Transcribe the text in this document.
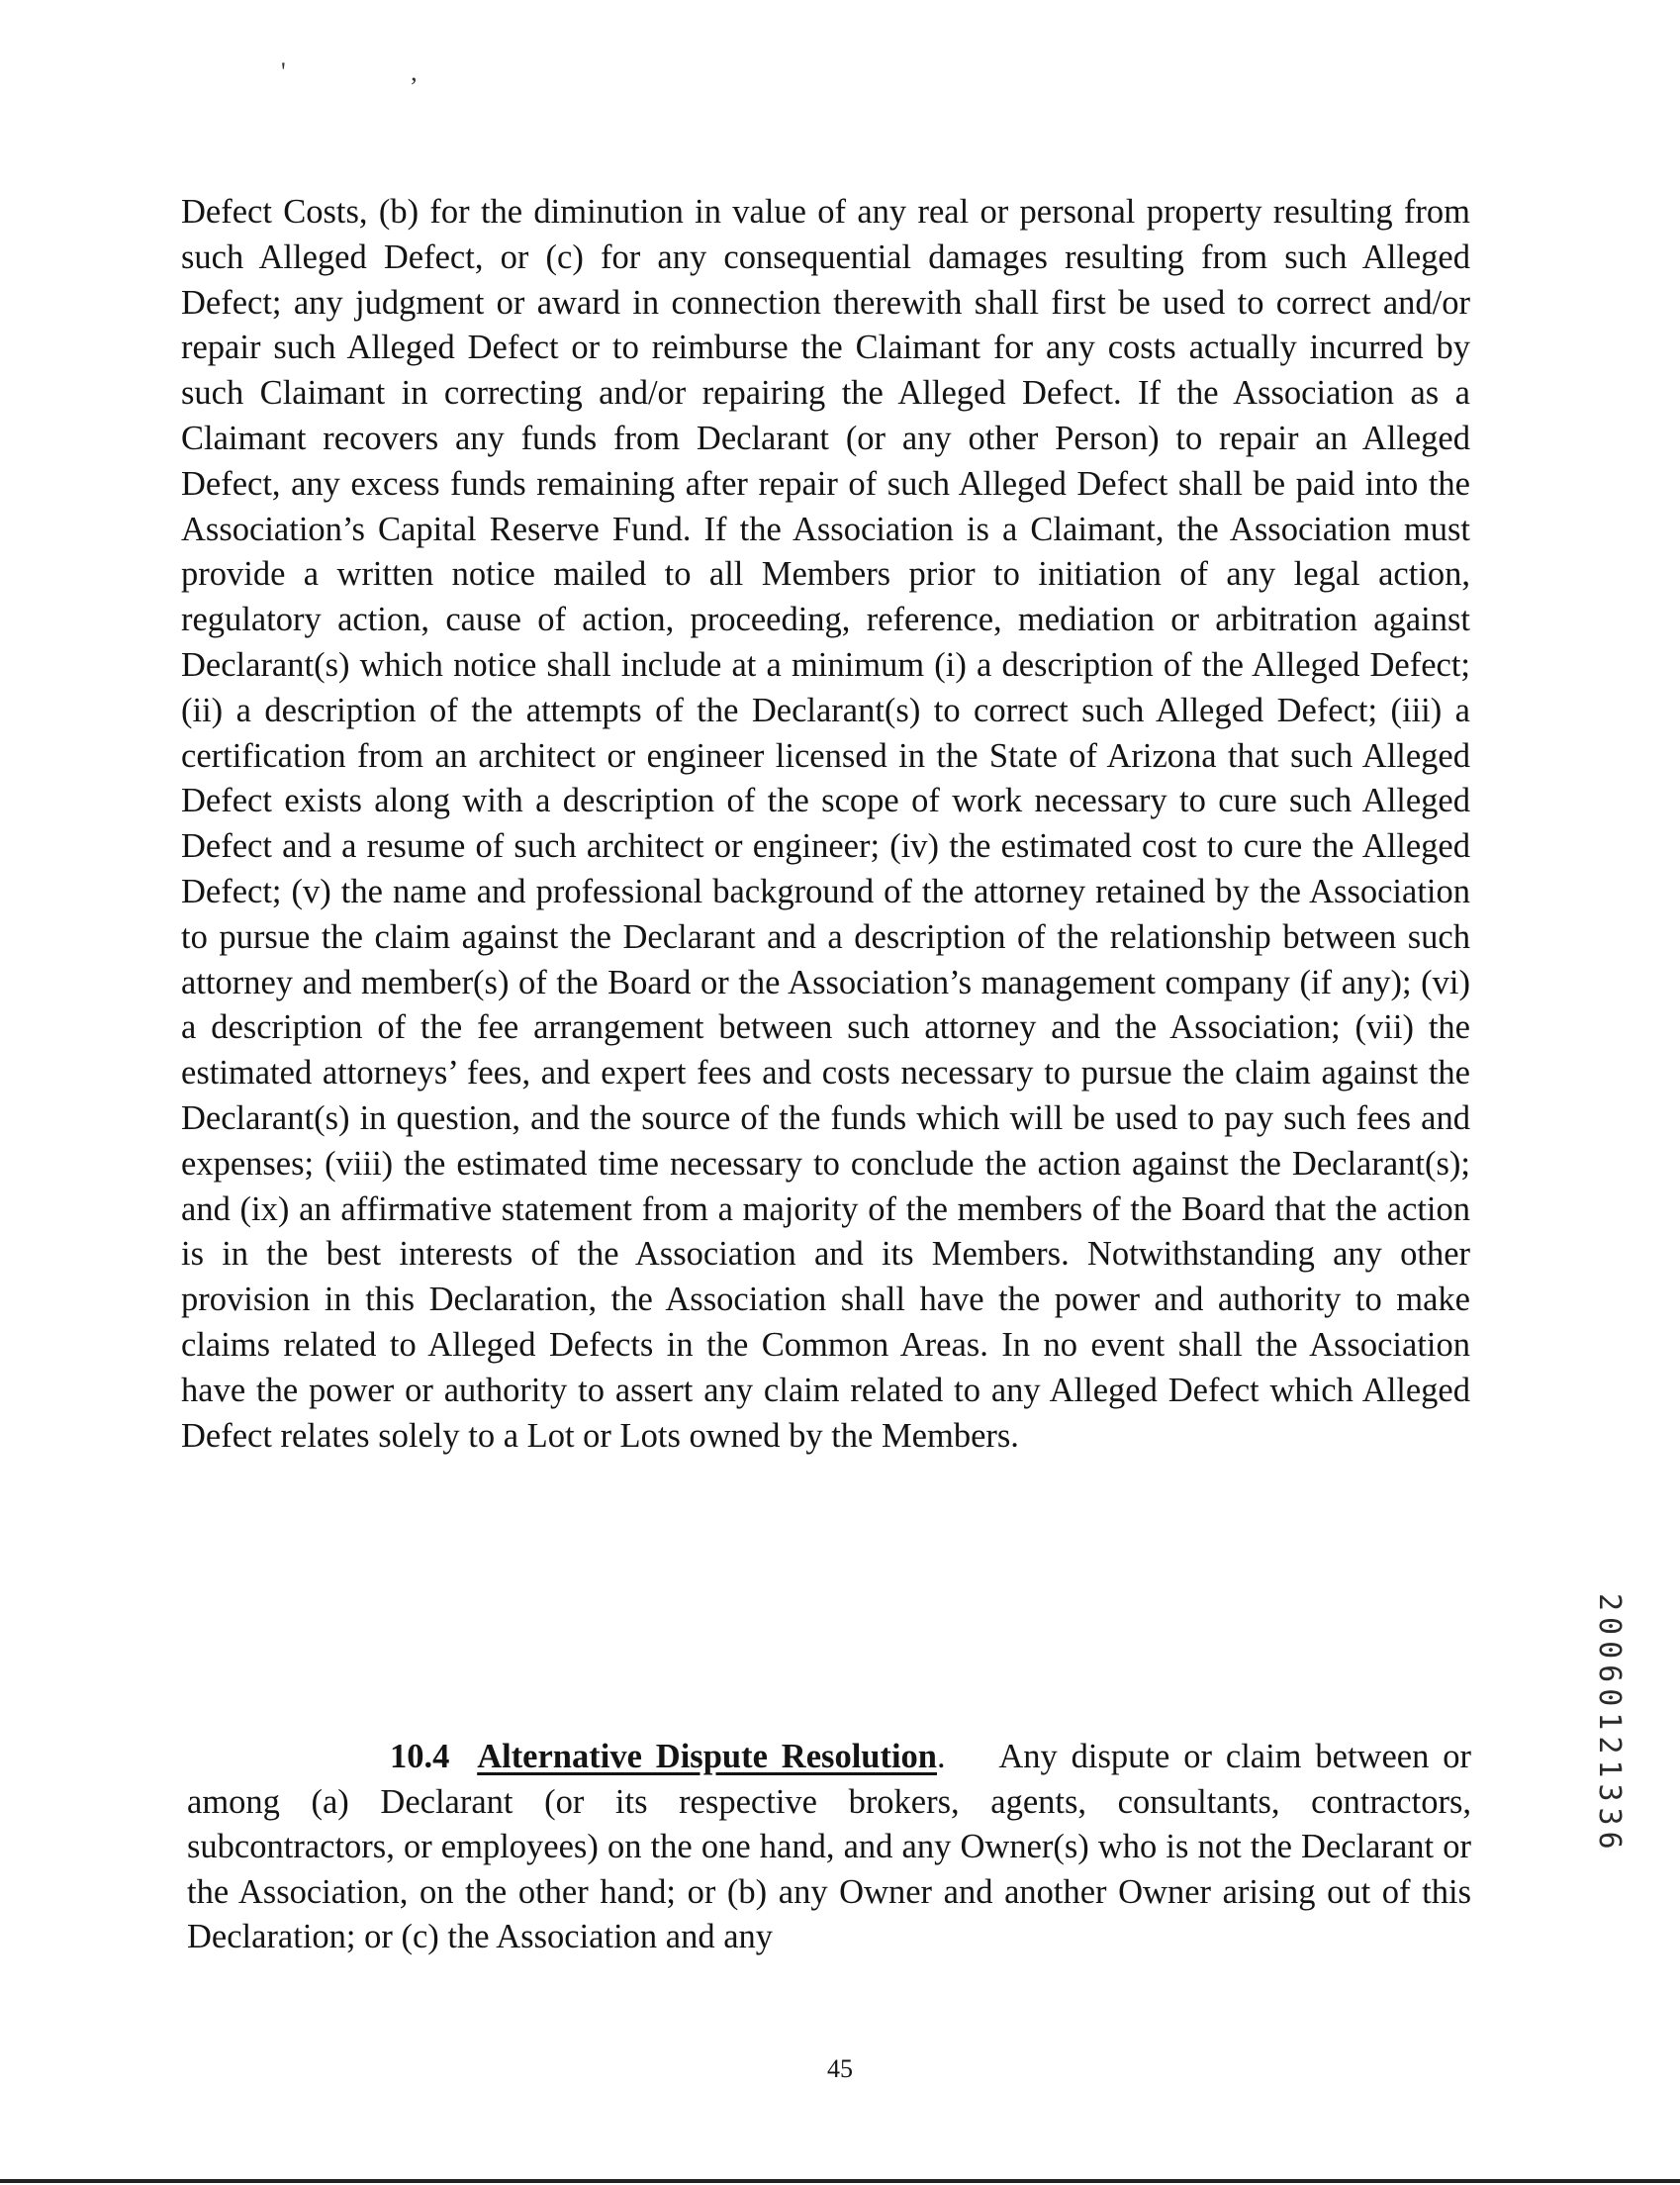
' ,

Defect Costs, (b) for the diminution in value of any real or personal property resulting from such Alleged Defect, or (c) for any consequential damages resulting from such Alleged Defect; any judgment or award in connection therewith shall first be used to correct and/or repair such Alleged Defect or to reimburse the Claimant for any costs actually incurred by such Claimant in correcting and/or repairing the Alleged Defect. If the Association as a Claimant recovers any funds from Declarant (or any other Person) to repair an Alleged Defect, any excess funds remaining after repair of such Alleged Defect shall be paid into the Association’s Capital Reserve Fund. If the Association is a Claimant, the Association must provide a written notice mailed to all Members prior to initiation of any legal action, regulatory action, cause of action, proceeding, reference, mediation or arbitration against Declarant(s) which notice shall include at a minimum (i) a description of the Alleged Defect; (ii) a description of the attempts of the Declarant(s) to correct such Alleged Defect; (iii) a certification from an architect or engineer licensed in the State of Arizona that such Alleged Defect exists along with a description of the scope of work necessary to cure such Alleged Defect and a resume of such architect or engineer; (iv) the estimated cost to cure the Alleged Defect; (v) the name and professional background of the attorney retained by the Association to pursue the claim against the Declarant and a description of the relationship between such attorney and member(s) of the Board or the Association’s management company (if any); (vi) a description of the fee arrangement between such attorney and the Association; (vii) the estimated attorneys’ fees, and expert fees and costs necessary to pursue the claim against the Declarant(s) in question, and the source of the funds which will be used to pay such fees and expenses; (viii) the estimated time necessary to conclude the action against the Declarant(s); and (ix) an affirmative statement from a majority of the members of the Board that the action is in the best interests of the Association and its Members. Notwithstanding any other provision in this Declaration, the Association shall have the power and authority to make claims related to Alleged Defects in the Common Areas. In no event shall the Association have the power or authority to assert any claim related to any Alleged Defect which Alleged Defect relates solely to a Lot or Lots owned by the Members.

10.4 Alternative Dispute Resolution. Any dispute or claim between or among (a) Declarant (or its respective brokers, agents, consultants, contractors, subcontractors, or employees) on the one hand, and any Owner(s) who is not the Declarant or the Association, on the other hand; or (b) any Owner and another Owner arising out of this Declaration; or (c) the Association and any

45
20060121336
